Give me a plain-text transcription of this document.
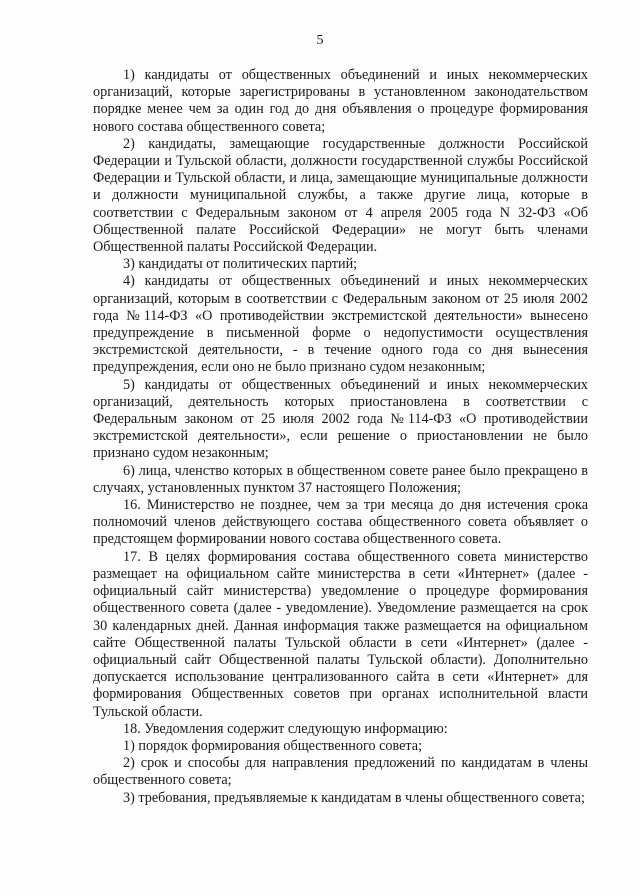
5

1) кандидаты от общественных объединений и иных некоммерческих организаций, которые зарегистрированы в установленном законодательством порядке менее чем за один год до дня объявления о процедуре формирования нового состава общественного совета;

2) кандидаты, замещающие государственные должности Российской Федерации и Тульской области, должности государственной службы Российской Федерации и Тульской области, и лица, замещающие муниципальные должности и должности муниципальной службы, а также другие лица, которые в соответствии с Федеральным законом от 4 апреля 2005 года N 32-ФЗ «Об Общественной палате Российской Федерации» не могут быть членами Общественной палаты Российской Федерации.

3) кандидаты от политических партий;

4) кандидаты от общественных объединений и иных некоммерческих организаций, которым в соответствии с Федеральным законом от 25 июля 2002 года №114-ФЗ «О противодействии экстремистской деятельности» вынесено предупреждение в письменной форме о недопустимости осуществления экстремистской деятельности, - в течение одного года со дня вынесения предупреждения, если оно не было признано судом незаконным;

5) кандидаты от общественных объединений и иных некоммерческих организаций, деятельность которых приостановлена в соответствии с Федеральным законом от 25 июля 2002 года №114-ФЗ «О противодействии экстремистской деятельности», если решение о приостановлении не было признано судом незаконным;

6) лица, членство которых в общественном совете ранее было прекращено в случаях, установленных пунктом 37 настоящего Положения;

16. Министерство не позднее, чем за три месяца до дня истечения срока полномочий членов действующего состава общественного совета объявляет о предстоящем формировании нового состава общественного совета.

17. В целях формирования состава общественного совета министерство размещает на официальном сайте министерства в сети «Интернет» (далее - официальный сайт министерства) уведомление о процедуре формирования общественного совета (далее - уведомление). Уведомление размещается на срок 30 календарных дней. Данная информация также размещается на официальном сайте Общественной палаты Тульской области в сети «Интернет» (далее - официальный сайт Общественной палаты Тульской области). Дополнительно допускается использование централизованного сайта в сети «Интернет» для формирования Общественных советов при органах исполнительной власти Тульской области.

18. Уведомления содержит следующую информацию:

1) порядок формирования общественного совета;

2) срок и способы для направления предложений по кандидатам в члены общественного совета;

3) требования, предъявляемые к кандидатам в члены общественного совета;
